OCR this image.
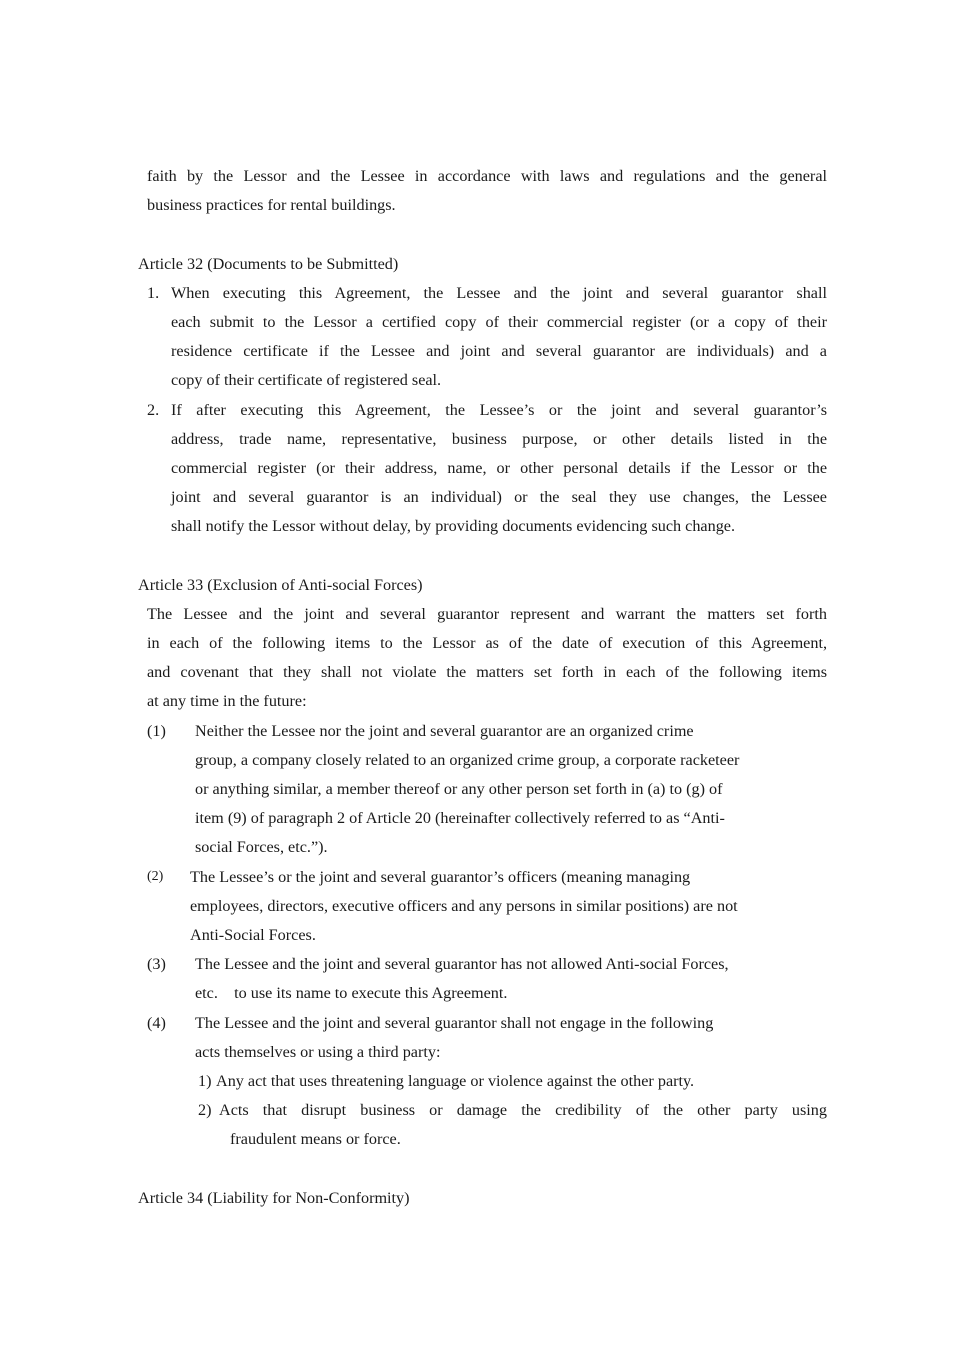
faith by the Lessor and the Lessee in accordance with laws and regulations and the general
business practices for rental buildings.
Article 32 (Documents to be Submitted)
1. When executing this Agreement, the Lessee and the joint and several guarantor shall
each submit to the Lessor a certified copy of their commercial register (or a copy of their
residence certificate if the Lessee and joint and several guarantor are individuals) and a
copy of their certificate of registered seal.
2. If after executing this Agreement, the Lessee’s or the joint and several guarantor’s
address, trade name, representative, business purpose, or other details listed in the
commercial register (or their address, name, or other personal details if the Lessor or the
joint and several guarantor is an individual) or the seal they use changes, the Lessee
shall notify the Lessor without delay, by providing documents evidencing such change.
Article 33 (Exclusion of Anti-social Forces)
The Lessee and the joint and several guarantor represent and warrant the matters set forth
in each of the following items to the Lessor as of the date of execution of this Agreement,
and covenant that they shall not violate the matters set forth in each of the following items
at any time in the future:
(1) Neither the Lessee nor the joint and several guarantor are an organized crime
group, a company closely related to an organized crime group, a corporate racketeer
or anything similar, a member thereof or any other person set forth in (a) to (g) of
item (9) of paragraph 2 of Article 20 (hereinafter collectively referred to as “Anti-
social Forces, etc.”).
(2) The Lessee’s or the joint and several guarantor’s officers (meaning managing
employees, directors, executive officers and any persons in similar positions) are not
Anti-Social Forces.
(3) The Lessee and the joint and several guarantor has not allowed Anti-social Forces,
etc.　to use its name to execute this Agreement.
(4) The Lessee and the joint and several guarantor shall not engage in the following
acts themselves or using a third party:
1) Any act that uses threatening language or violence against the other party.
2) Acts that disrupt business or damage the credibility of the other party using
fraudulent means or force.
Article 34 (Liability for Non-Conformity)
